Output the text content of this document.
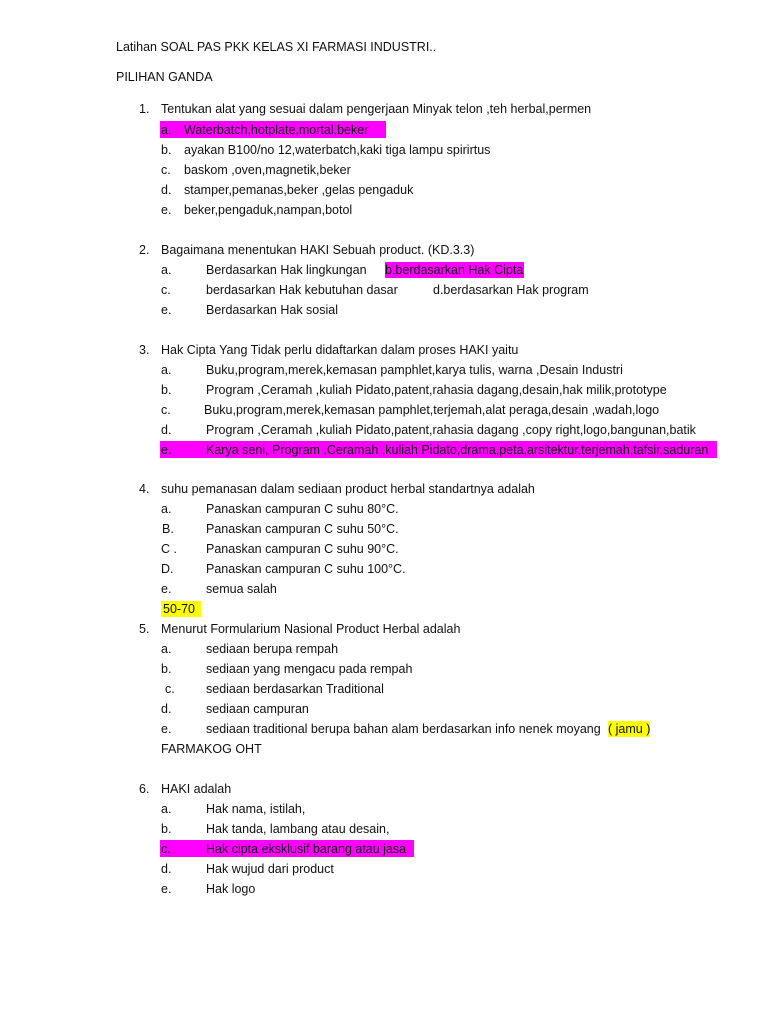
Latihan SOAL PAS PKK KELAS XI FARMASI INDUSTRI..
PILIHAN GANDA
1. Tentukan alat yang sesuai dalam pengerjaan Minyak telon ,teh herbal,permen
a. Waterbatch,hotplate,mortal,beker
b. ayakan B100/no 12,waterbatch,kaki tiga lampu spirirtus
c. baskom ,oven,magnetik,beker
d. stamper,pemanas,beker ,gelas pengaduk
e. beker,pengaduk,nampan,botol
2. Bagaimana menentukan HAKI Sebuah product. (KD.3.3)
a.	Berdasarkan Hak lingkungan b.berdasarkan Hak Cipta
c.	berdasarkan Hak kebutuhan dasar	d.berdasarkan Hak program
e.	Berdasarkan Hak sosial
3. Hak Cipta Yang Tidak perlu didaftarkan dalam proses HAKI yaitu
a.	Buku,program,merek,kemasan pamphlet,karya tulis, warna ,Desain Industri
b.	Program ,Ceramah ,kuliah Pidato,patent,rahasia dagang,desain,hak milik,prototype
c.	Buku,program,merek,kemasan pamphlet,terjemah,alat peraga,desain ,wadah,logo
d.	Program ,Ceramah ,kuliah Pidato,patent,rahasia dagang ,copy right,logo,bangunan,batik
e.	Karya seni, Program ,Ceramah ,kuliah Pidato,drama,peta,arsitektur,terjemah,tafsir,saduran
4. suhu pemanasan dalam sediaan product herbal standartnya adalah
a.	Panaskan campuran C suhu 80°C.
B.	Panaskan campuran C suhu 50°C.
C . Panaskan campuran C suhu 90°C.
D.	Panaskan campuran C suhu 100°C.
e.	semua salah
50-70
5. Menurut Formularium Nasional Product Herbal adalah
a.	sediaan berupa rempah
b.	sediaan yang mengacu pada rempah
c.	sediaan berdasarkan Traditional
d.	sediaan campuran
e.	sediaan traditional berupa bahan alam berdasarkan info nenek moyang ( jamu )
FARMAKOG OHT
6. HAKI adalah
a.	Hak nama, istilah,
b.	Hak tanda, lambang atau desain,
c.	Hak cipta eksklusif barang atau jasa
d.	Hak wujud dari product
e.	Hak logo
